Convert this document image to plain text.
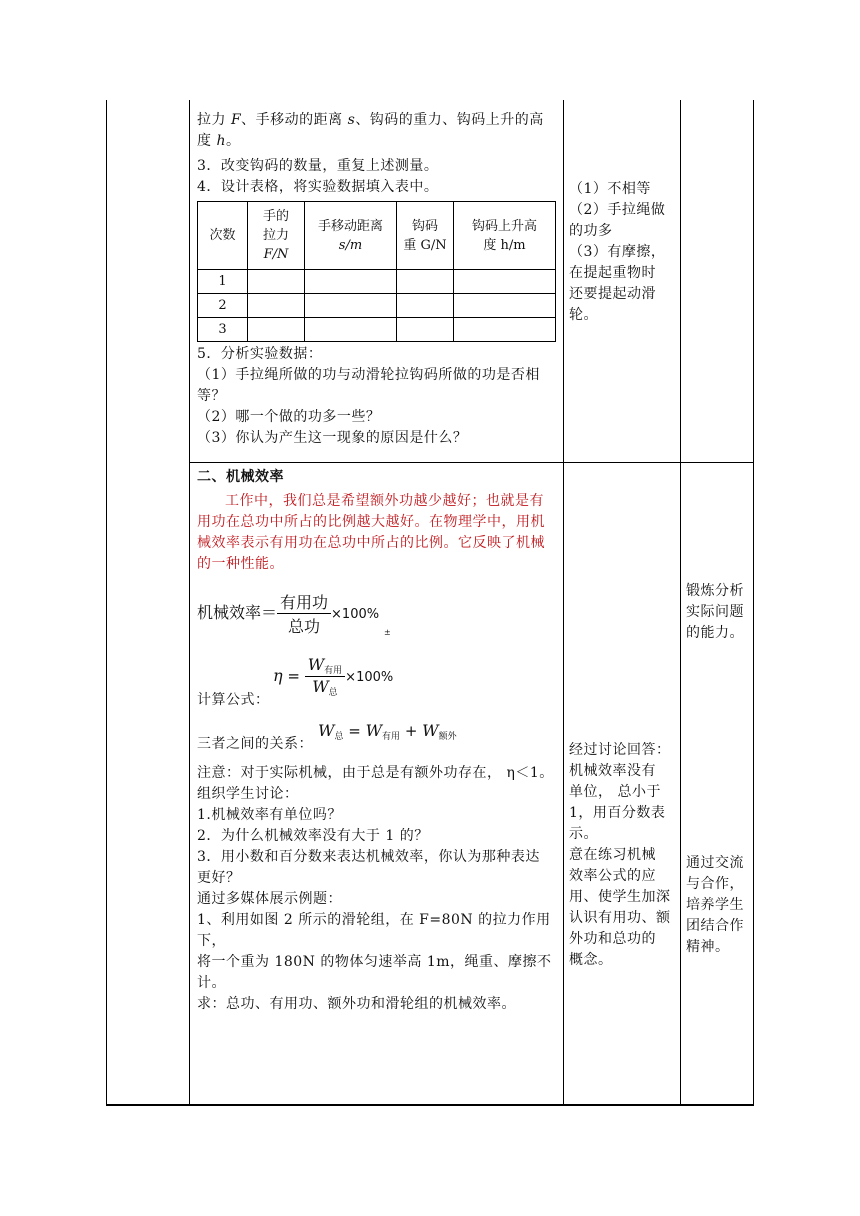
拉力 F、手移动的距离 s、钩码的重力、钩码上升的高
度 h。
3．改变钩码的数量，重复上述测量。
4．设计表格，将实验数据填入表中。
次数	手的
拉力
F/N	手移动距离
s/m	钩码
重 G/N	钩码上升高
度 h/m
1				
2				
3				
5．分析实验数据：
（1）手拉绳所做的功与动滑轮拉钩码所做的功是否相
等？
（2）哪一个做的功多一些？
（3）你认为产生这一现象的原因是什么？
（1）不相等
（2）手拉绳做
的功多
（3）有摩擦，
在提起重物时
还要提起动滑
轮。
二、机械效率
工作中，我们总是希望额外功越少越好；也就是有
用功在总功中所占的比例越大越好。在物理学中，用机
械效率表示有用功在总功中所占的比例。它反映了机械
的一种性能。
机械效率＝ $\frac{\text{有用功}}{\text{总功}} \times 100\%$
±
$\eta = \frac{W_{有用}}{W_总} \times 100\%$
计算公式：
三者之间的关系：
$W_总 = W_{有用} + W_{额外}$
注意：对于实际机械，由于总是有额外功存在， η＜1。
组织学生讨论：
1.机械效率有单位吗？
2．为什么机械效率没有大于 1 的？
3．用小数和百分数来表达机械效率，你认为那种表达
更好？
通过多媒体展示例题：
1、利用如图 2 所示的滑轮组，在 F=80N 的拉力作用下，
将一个重为 180N 的物体匀速举高 1m，绳重、摩擦不计。
求：总功、有用功、额外功和滑轮组的机械效率。
经过讨论回答：
机械效率没有
单位， 总小于
1，用百分数表
示。
意在练习机械
效率公式的应
用、使学生加深
认识有用功、额
外功和总功的
概念。
锻炼分析
实际问题
的能力。
通过交流
与合作，
培养学生
团结合作
精神。
